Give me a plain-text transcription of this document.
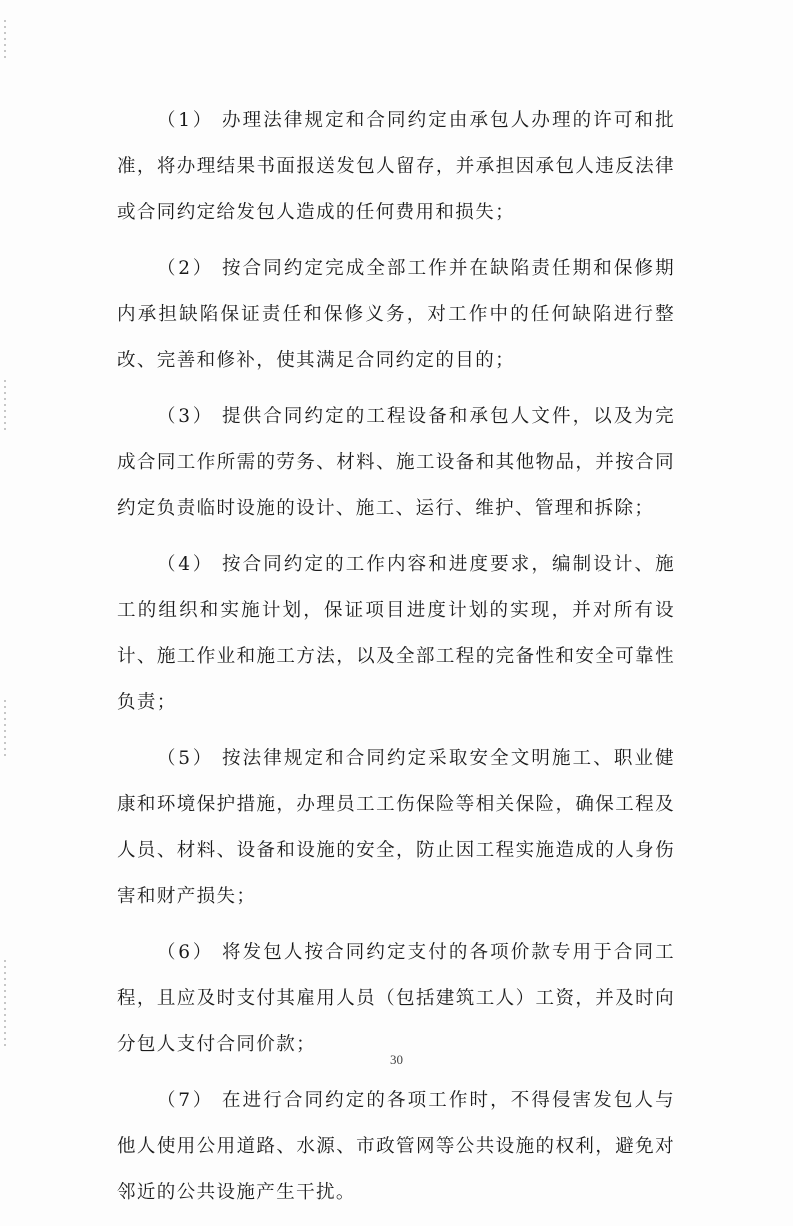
（1） 办理法律规定和合同约定由承包人办理的许可和批准，将办理结果书面报送发包人留存，并承担因承包人违反法律或合同约定给发包人造成的任何费用和损失；

（2） 按合同约定完成全部工作并在缺陷责任期和保修期内承担缺陷保证责任和保修义务，对工作中的任何缺陷进行整改、完善和修补，使其满足合同约定的目的；

（3） 提供合同约定的工程设备和承包人文件，以及为完成合同工作所需的劳务、材料、施工设备和其他物品，并按合同约定负责临时设施的设计、施工、运行、维护、管理和拆除；

（4） 按合同约定的工作内容和进度要求，编制设计、施工的组织和实施计划，保证项目进度计划的实现，并对所有设计、施工作业和施工方法，以及全部工程的完备性和安全可靠性负责；

（5） 按法律规定和合同约定采取安全文明施工、职业健康和环境保护措施，办理员工工伤保险等相关保险，确保工程及人员、材料、设备和设施的安全，防止因工程实施造成的人身伤害和财产损失；

（6） 将发包人按合同约定支付的各项价款专用于合同工程，且应及时支付其雇用人员（包括建筑工人）工资，并及时向分包人支付合同价款；

（7） 在进行合同约定的各项工作时，不得侵害发包人与他人使用公用道路、水源、市政管网等公共设施的权利，避免对邻近的公共设施产生干扰。

30
